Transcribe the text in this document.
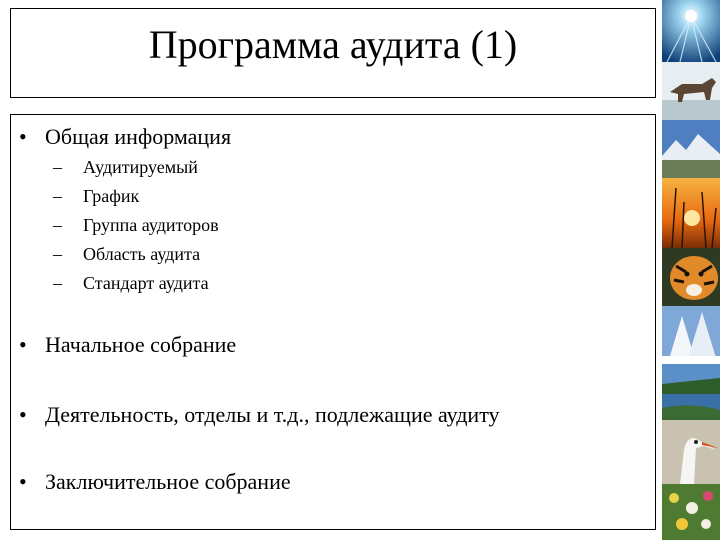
Программа аудита (1)
• Общая информация
– Аудитируемый
– График
– Группа аудиторов
– Область аудита
– Стандарт аудита
• Начальное собрание
• Деятельность, отделы и т.д., подлежащие аудиту
• Заключительное собрание
